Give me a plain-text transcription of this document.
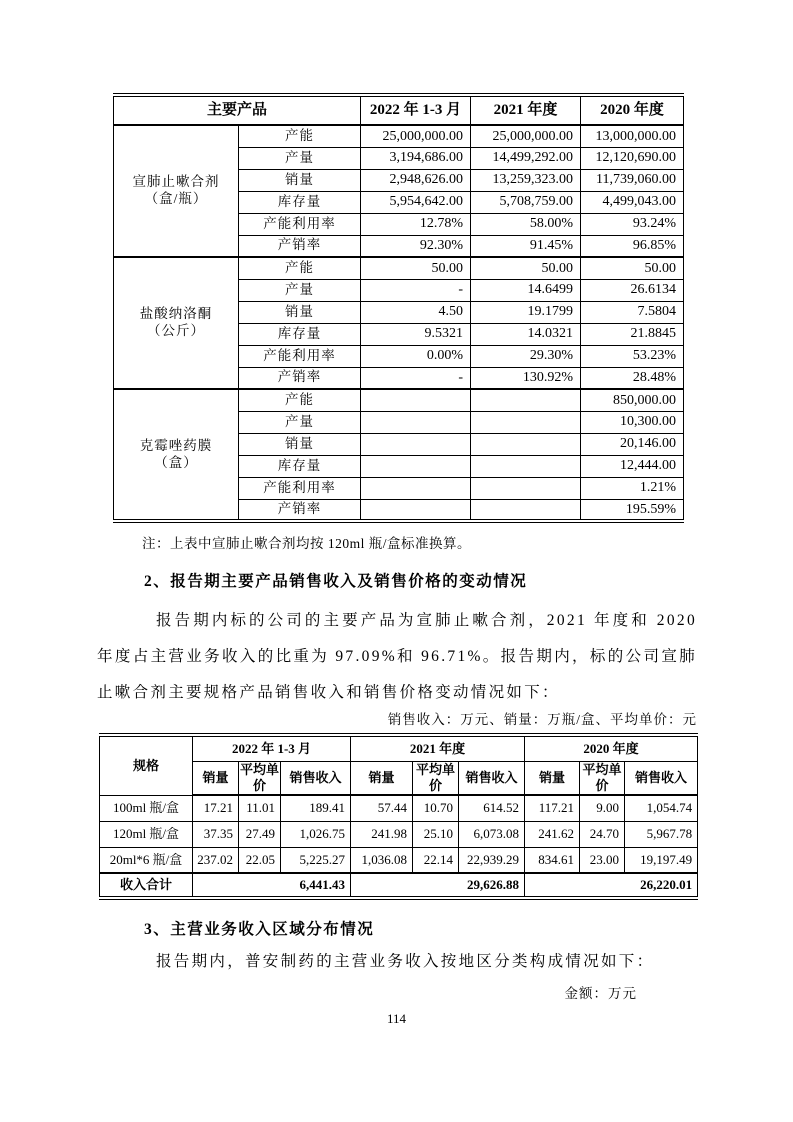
主要产品		2022 年 1-3 月	2021 年度	2020 年度

宣肺止嗽合剂
（盒/瓶）	产能	25,000,000.00	25,000,000.00	13,000,000.00
	产量	3,194,686.00	14,499,292.00	12,120,690.00
	销量	2,948,626.00	13,259,323.00	11,739,060.00
	库存量	5,954,642.00	5,708,759.00	4,499,043.00
	产能利用率	12.78%	58.00%	93.24%
	产销率	92.30%	91.45%	96.85%

盐酸纳洛酮
（公斤）	产能	50.00	50.00	50.00
	产量	-	14.6499	26.6134
	销量	4.50	19.1799	7.5804
	库存量	9.5321	14.0321	21.8845
	产能利用率	0.00%	29.30%	53.23%
	产销率	-	130.92%	28.48%

克霉唑药膜
（盒）	产能			850,000.00
	产量			10,300.00
	销量			20,146.00
	库存量			12,444.00
	产能利用率			1.21%
	产销率			195.59%
注：上表中宣肺止嗽合剂均按 120ml 瓶/盒标准换算。
2、报告期主要产品销售收入及销售价格的变动情况
报告期内标的公司的主要产品为宣肺止嗽合剂，2021 年度和 2020 年度占主营业务收入的比重为 97.09%和 96.71%。报告期内，标的公司宣肺止嗽合剂主要规格产品销售收入和销售价格变动情况如下：
销售收入：万元、销量：万瓶/盒、平均单价：元
规格	2022 年 1-3 月			2021 年度			2020 年度		
	销量	平均单价	销售收入	销量	平均单价	销售收入	销量	平均单价	销售收入
100ml 瓶/盒	17.21	11.01	189.41	57.44	10.70	614.52	117.21	9.00	1,054.74
120ml 瓶/盒	37.35	27.49	1,026.75	241.98	25.10	6,073.08	241.62	24.70	5,967.78
20ml*6 瓶/盒	237.02	22.05	5,225.27	1,036.08	22.14	22,939.29	834.61	23.00	19,197.49
收入合计	6,441.43			29,626.88			26,220.01		
3、主营业务收入区域分布情况
报告期内，普安制药的主营业务收入按地区分类构成情况如下：
金额：万元
114
